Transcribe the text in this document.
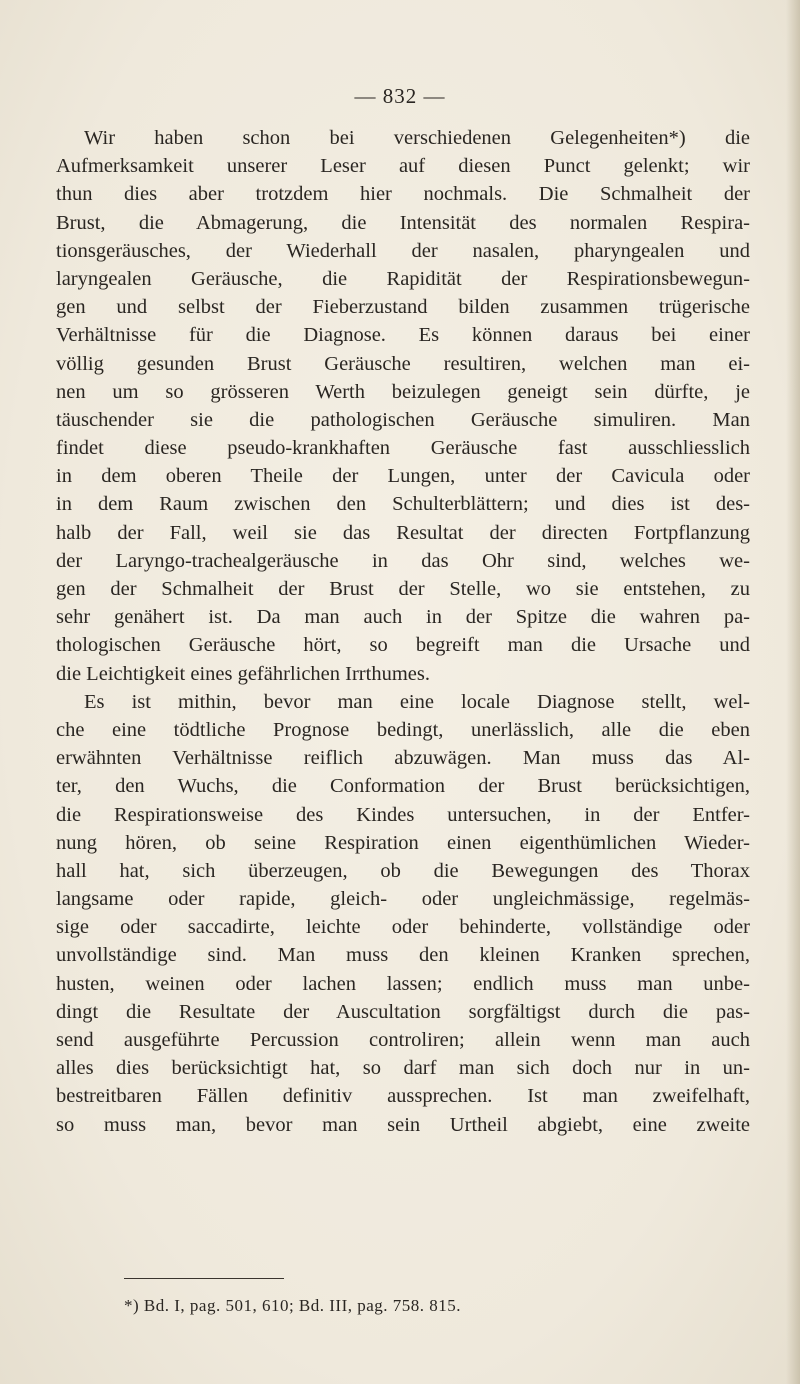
— 832 —
Wir haben schon bei verschiedenen Gelegenheiten*) die
Aufmerksamkeit unserer Leser auf diesen Punct gelenkt; wir
thun dies aber trotzdem hier nochmals. Die Schmalheit der
Brust, die Abmagerung, die Intensität des normalen Respira-
tionsgeräusches, der Wiederhall der nasalen, pharyngealen und
laryngealen Geräusche, die Rapidität der Respirationsbewegun-
gen und selbst der Fieberzustand bilden zusammen trügerische
Verhältnisse für die Diagnose. Es können daraus bei einer
völlig gesunden Brust Geräusche resultiren, welchen man ei-
nen um so grösseren Werth beizulegen geneigt sein dürfte, je
täuschender sie die pathologischen Geräusche simuliren. Man
findet diese pseudo-krankhaften Geräusche fast ausschliesslich
in dem oberen Theile der Lungen, unter der Cavicula oder
in dem Raum zwischen den Schulterblättern; und dies ist des-
halb der Fall, weil sie das Resultat der directen Fortpflanzung
der Laryngo-trachealgeräusche in das Ohr sind, welches we-
gen der Schmalheit der Brust der Stelle, wo sie entstehen, zu
sehr genähert ist. Da man auch in der Spitze die wahren pa-
thologischen Geräusche hört, so begreift man die Ursache und
die Leichtigkeit eines gefährlichen Irrthumes.
Es ist mithin, bevor man eine locale Diagnose stellt, wel-
che eine tödtliche Prognose bedingt, unerlässlich, alle die eben
erwähnten Verhältnisse reiflich abzuwägen. Man muss das Al-
ter, den Wuchs, die Conformation der Brust berücksichtigen,
die Respirationsweise des Kindes untersuchen, in der Entfer-
nung hören, ob seine Respiration einen eigenthümlichen Wieder-
hall hat, sich überzeugen, ob die Bewegungen des Thorax
langsame oder rapide, gleich- oder ungleichmässige, regelmäs-
sige oder saccadirte, leichte oder behinderte, vollständige oder
unvollständige sind. Man muss den kleinen Kranken sprechen,
husten, weinen oder lachen lassen; endlich muss man unbe-
dingt die Resultate der Auscultation sorgfältigst durch die pas-
send ausgeführte Percussion controliren; allein wenn man auch
alles dies berücksichtigt hat, so darf man sich doch nur in un-
bestreitbaren Fällen definitiv aussprechen. Ist man zweifelhaft,
so muss man, bevor man sein Urtheil abgiebt, eine zweite
*) Bd. I, pag. 501, 610; Bd. III, pag. 758. 815.
